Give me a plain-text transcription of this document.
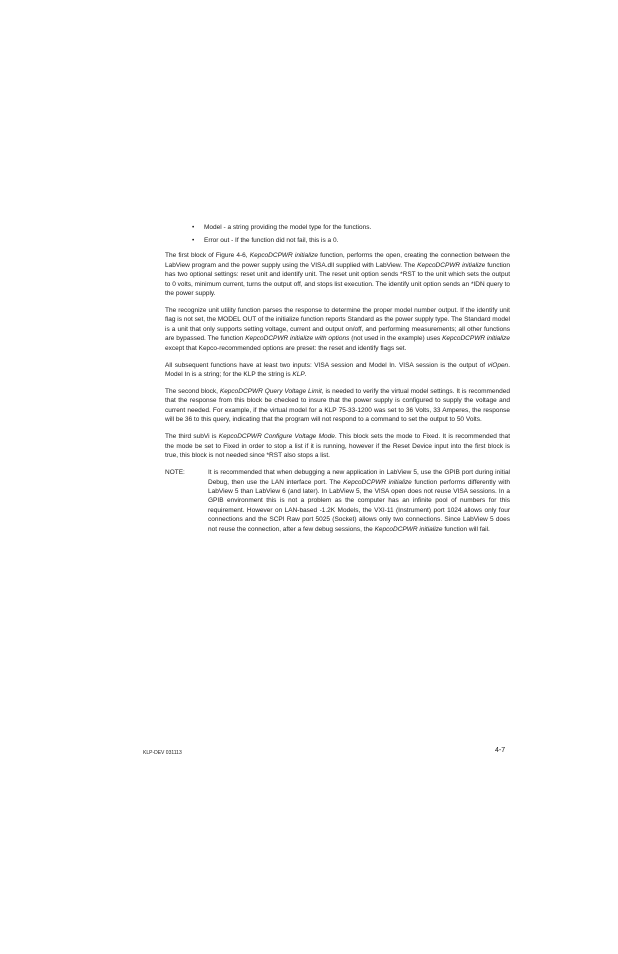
• Model - a string providing the model type for the functions.
• Error out - If the function did not fail, this is a 0.

The first block of Figure 4-6, KepcoDCPWR initialize function, performs the open, creating the connection between the LabView program and the power supply using the VISA.dll supplied with LabView. The KepcoDCPWR initialize function has two optional settings: reset unit and identify unit. The reset unit option sends *RST to the unit which sets the output to 0 volts, minimum current, turns the output off, and stops list execution. The identify unit option sends an *IDN query to the power supply.

The recognize unit utility function parses the response to determine the proper model number output. If the identify unit flag is not set, the MODEL OUT of the initialize function reports Standard as the power supply type. The Standard model is a unit that only supports setting voltage, current and output on/off, and performing measurements; all other functions are bypassed. The function KepcoDCPWR initialize with options (not used in the example) uses KepcoDCPWR initialize except that Kepco-recommended options are preset: the reset and identify flags set.

All subsequent functions have at least two inputs: VISA session and Model In. VISA session is the output of viOpen. Model In is a string; for the KLP the string is KLP.

The second block, KepcoDCPWR Query Voltage Limit, is needed to verify the virtual model settings. It is recommended that the response from this block be checked to insure that the power supply is configured to supply the voltage and current needed. For example, if the virtual model for a KLP 75-33-1200 was set to 36 Volts, 33 Amperes, the response will be 36 to this query, indicating that the program will not respond to a command to set the output to 50 Volts.

The third subVi is KepcoDCPWR Configure Voltage Mode. This block sets the mode to Fixed. It is recommended that the mode be set to Fixed in order to stop a list if it is running, however if the Reset Device input into the first block is true, this block is not needed since *RST also stops a list.

NOTE:	It is recommended that when debugging a new application in LabView 5, use the GPIB port during initial Debug, then use the LAN interface port. The KepcoDCPWR initialize function performs differently with LabView 5 than LabView 6 (and later). In LabView 5, the VISA open does not reuse VISA sessions. In a GPIB environment this is not a problem as the computer has an infinite pool of numbers for this requirement. However on LAN-based -1.2K Models, the VXI-11 (Instrument) port 1024 allows only four connections and the SCPI Raw port 5025 (Socket) allows only two connections. Since LabView 5 does not reuse the connection, after a few debug sessions, the KepcoDCPWR initialize function will fail.
KLP-DEV 031113	4-7
